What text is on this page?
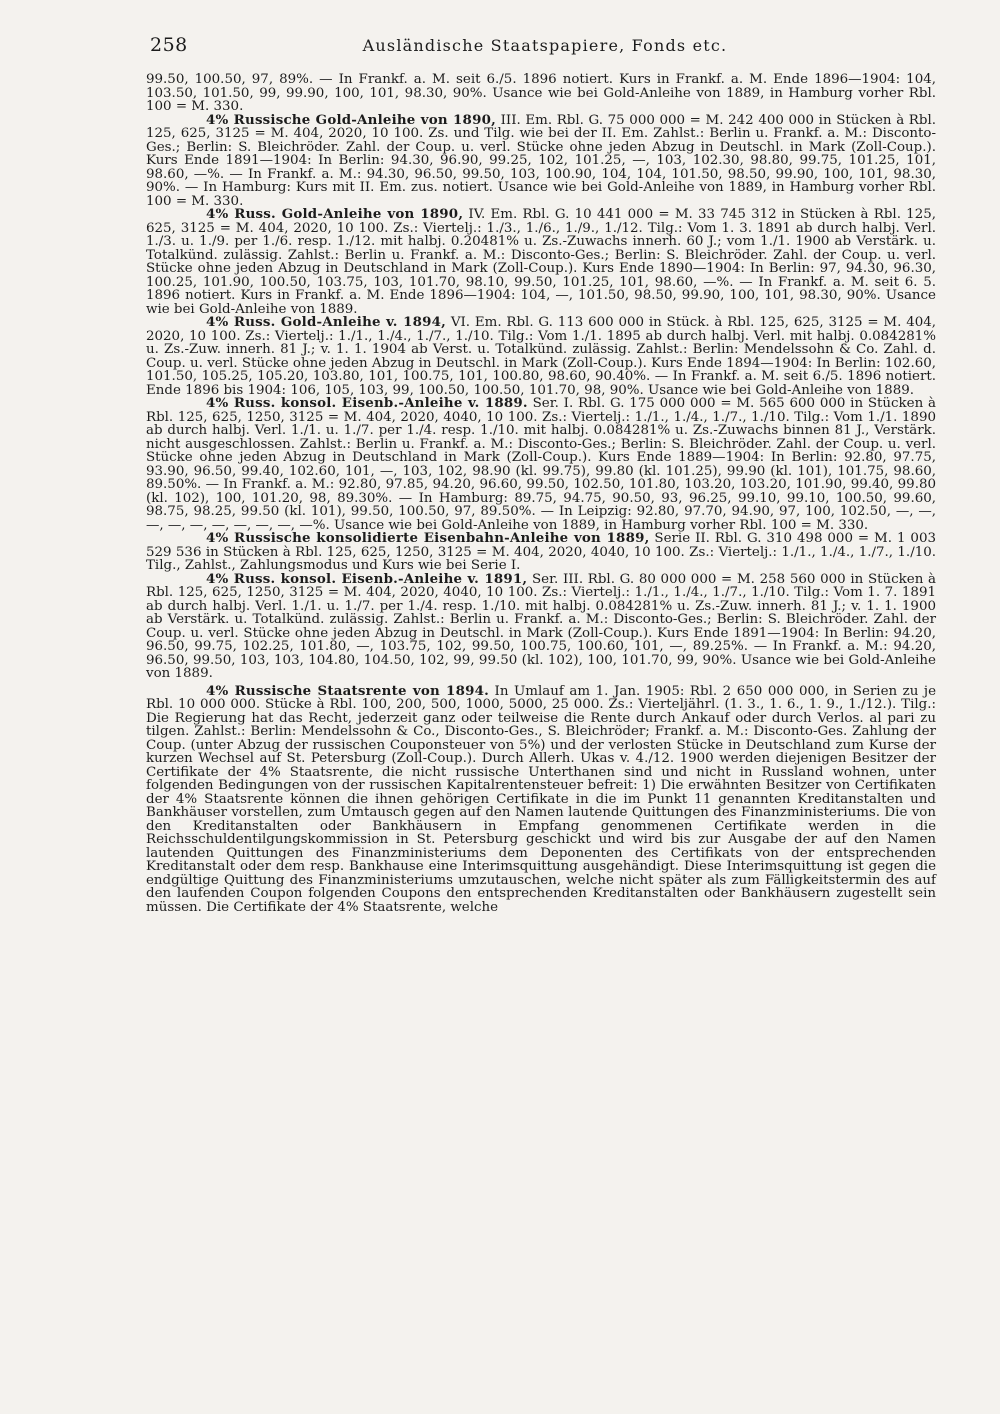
258	Ausländische Staatspapiere, Fonds etc.

99.50, 100.50, 97, 89%. — In Frankf. a. M. seit 6./5. 1896 notiert. Kurs in Frankf. a. M. Ende 1896—1904: 104, 103.50, 101.50, 99, 99.90, 100, 101, 98.30, 90%. Usance wie bei Gold-Anleihe von 1889, in Hamburg vorher Rbl. 100 = M. 330.

4% Russische Gold-Anleihe von 1890, III. Em. Rbl. G. 75 000 000 = M. 242 400 000 in Stücken à Rbl. 125, 625, 3125 = M. 404, 2020, 10 100. Zs. und Tilg. wie bei der II. Em. Zahlst.: Berlin u. Frankf. a. M.: Disconto-Ges.; Berlin: S. Bleichröder. Zahl. der Coup. u. verl. Stücke ohne jeden Abzug in Deutschl. in Mark (Zoll-Coup.). Kurs Ende 1891—1904: In Berlin: 94.30, 96.90, 99.25, 102, 101.25, —, 103, 102.30, 98.80, 99.75, 101.25, 101, 98.60, —%. — In Frankf. a. M.: 94.30, 96.50, 99.50, 103, 100.90, 104, 104, 101.50, 98.50, 99.90, 100, 101, 98.30, 90%. — In Hamburg: Kurs mit II. Em. zus. notiert. Usance wie bei Gold-Anleihe von 1889, in Hamburg vorher Rbl. 100 = M. 330.

4% Russ. Gold-Anleihe von 1890, IV. Em. Rbl. G. 10 441 000 = M. 33 745 312 in Stücken à Rbl. 125, 625, 3125 = M. 404, 2020, 10 100. Zs.: Viertelj.: 1./3., 1./6., 1./9., 1./12. Tilg.: Vom 1. 3. 1891 ab durch halbj. Verl. 1./3. u. 1./9. per 1./6. resp. 1./12. mit halbj. 0.20481% u. Zs.-Zuwachs innerh. 60 J.; vom 1./1. 1900 ab Verstärk. u. Totalkünd. zulässig. Zahlst.: Berlin u. Frankf. a. M.: Disconto-Ges.; Berlin: S. Bleichröder. Zahl. der Coup. u. verl. Stücke ohne jeden Abzug in Deutschland in Mark (Zoll-Coup.). Kurs Ende 1890—1904: In Berlin: 97, 94.30, 96.30, 100.25, 101.90, 100.50, 103.75, 103, 101.70, 98.10, 99.50, 101.25, 101, 98.60, —%. — In Frankf. a. M. seit 6. 5. 1896 notiert. Kurs in Frankf. a. M. Ende 1896—1904: 104, —, 101.50, 98.50, 99.90, 100, 101, 98.30, 90%. Usance wie bei Gold-Anleihe von 1889.

4% Russ. Gold-Anleihe v. 1894, VI. Em. Rbl. G. 113 600 000 in Stück. à Rbl. 125, 625, 3125 = M. 404, 2020, 10 100. Zs.: Viertelj.: 1./1., 1./4., 1./7., 1./10. Tilg.: Vom 1./1. 1895 ab durch halbj. Verl. mit halbj. 0.084281% u. Zs.-Zuw. innerh. 81 J.; v. 1. 1. 1904 ab Verst. u. Totalkünd. zulässig. Zahlst.: Berlin: Mendelssohn & Co. Zahl. d. Coup. u. verl. Stücke ohne jeden Abzug in Deutschl. in Mark (Zoll-Coup.). Kurs Ende 1894—1904: In Berlin: 102.60, 101.50, 105.25, 105.20, 103.80, 101, 100.75, 101, 100.80, 98.60, 90.40%. — In Frankf. a. M. seit 6./5. 1896 notiert. Ende 1896 bis 1904: 106, 105, 103, 99, 100.50, 100.50, 101.70, 98, 90%. Usance wie bei Gold-Anleihe von 1889.

4% Russ. konsol. Eisenb.-Anleihe v. 1889. Ser. I. Rbl. G. 175 000 000 = M. 565 600 000 in Stücken à Rbl. 125, 625, 1250, 3125 = M. 404, 2020, 4040, 10 100. Zs.: Viertelj.: 1./1., 1./4., 1./7., 1./10. Tilg.: Vom 1./1. 1890 ab durch halbj. Verl. 1./1. u. 1./7. per 1./4. resp. 1./10. mit halbj. 0.084281% u. Zs.-Zuwachs binnen 81 J., Verstärk. nicht ausgeschlossen. Zahlst.: Berlin u. Frankf. a. M.: Disconto-Ges.; Berlin: S. Bleichröder. Zahl. der Coup. u. verl. Stücke ohne jeden Abzug in Deutschland in Mark (Zoll-Coup.). Kurs Ende 1889—1904: In Berlin: 92.80, 97.75, 93.90, 96.50, 99.40, 102.60, 101, —, 103, 102, 98.90 (kl. 99.75), 99.80 (kl. 101.25), 99.90 (kl. 101), 101.75, 98.60, 89.50%. — In Frankf. a. M.: 92.80, 97.85, 94.20, 96.60, 99.50, 102.50, 101.80, 103.20, 103.20, 101.90, 99.40, 99.80 (kl. 102), 100, 101.20, 98, 89.30%. — In Hamburg: 89.75, 94.75, 90.50, 93, 96.25, 99.10, 99.10, 100.50, 99.60, 98.75, 98.25, 99.50 (kl. 101), 99.50, 100.50, 97, 89.50%. — In Leipzig: 92.80, 97.70, 94.90, 97, 100, 102.50, —, —, —, —, —, —, —, —, —, —%. Usance wie bei Gold-Anleihe von 1889, in Hamburg vorher Rbl. 100 = M. 330.

4% Russische konsolidierte Eisenbahn-Anleihe von 1889, Serie II. Rbl. G. 310 498 000 = M. 1 003 529 536 in Stücken à Rbl. 125, 625, 1250, 3125 = M. 404, 2020, 4040, 10 100. Zs.: Viertelj.: 1./1., 1./4., 1./7., 1./10. Tilg., Zahlst., Zahlungsmodus und Kurs wie bei Serie I.

4% Russ. konsol. Eisenb.-Anleihe v. 1891, Ser. III. Rbl. G. 80 000 000 = M. 258 560 000 in Stücken à Rbl. 125, 625, 1250, 3125 = M. 404, 2020, 4040, 10 100. Zs.: Viertelj.: 1./1., 1./4., 1./7., 1./10. Tilg.: Vom 1. 7. 1891 ab durch halbj. Verl. 1./1. u. 1./7. per 1./4. resp. 1./10. mit halbj. 0.084281% u. Zs.-Zuw. innerh. 81 J.; v. 1. 1. 1900 ab Verstärk. u. Totalkünd. zulässig. Zahlst.: Berlin u. Frankf. a. M.: Disconto-Ges.; Berlin: S. Bleichröder. Zahl. der Coup. u. verl. Stücke ohne jeden Abzug in Deutschl. in Mark (Zoll-Coup.). Kurs Ende 1891—1904: In Berlin: 94.20, 96.50, 99.75, 102.25, 101.80, —, 103.75, 102, 99.50, 100.75, 100.60, 101, —, 89.25%. — In Frankf. a. M.: 94.20, 96.50, 99.50, 103, 103, 104.80, 104.50, 102, 99, 99.50 (kl. 102), 100, 101.70, 99, 90%. Usance wie bei Gold-Anleihe von 1889.

4% Russische Staatsrente von 1894. In Umlauf am 1. Jan. 1905: Rbl. 2 650 000 000, in Serien zu je Rbl. 10 000 000. Stücke à Rbl. 100, 200, 500, 1000, 5000, 25 000. Zs.: Vierteljährl. (1. 3., 1. 6., 1. 9., 1./12.). Tilg.: Die Regierung hat das Recht, jederzeit ganz oder teilweise die Rente durch Ankauf oder durch Verlos. al pari zu tilgen. Zahlst.: Berlin: Mendelssohn & Co., Disconto-Ges., S. Bleichröder; Frankf. a. M.: Disconto-Ges. Zahlung der Coup. (unter Abzug der russischen Couponsteuer von 5%) und der verlosten Stücke in Deutschland zum Kurse der kurzen Wechsel auf St. Petersburg (Zoll-Coup.). Durch Allerh. Ukas v. 4./12. 1900 werden diejenigen Besitzer der Certifikate der 4% Staatsrente, die nicht russische Unterthanen sind und nicht in Russland wohnen, unter folgenden Bedingungen von der russischen Kapitalrentensteuer befreit: 1) Die erwähnten Besitzer von Certifikaten der 4% Staatsrente können die ihnen gehörigen Certifikate in die im Punkt 11 genannten Kreditanstalten und Bankhäuser vorstellen, zum Umtausch gegen auf den Namen lautende Quittungen des Finanzministeriums. Die von den Kreditanstalten oder Bankhäusern in Empfang genommenen Certifikate werden in die Reichsschuldentilgungskommission in St. Petersburg geschickt und wird bis zur Ausgabe der auf den Namen lautenden Quittungen des Finanzministeriums dem Deponenten des Certifikats von der entsprechenden Kreditanstalt oder dem resp. Bankhause eine Interimsquittung ausgehändigt. Diese Interimsquittung ist gegen die endgültige Quittung des Finanzministeriums umzutauschen, welche nicht später als zum Fälligkeitstermin des auf den laufenden Coupon folgenden Coupons den entsprechenden Kreditanstalten oder Bankhäusern zugestellt sein müssen. Die Certifikate der 4% Staatsrente, welche
